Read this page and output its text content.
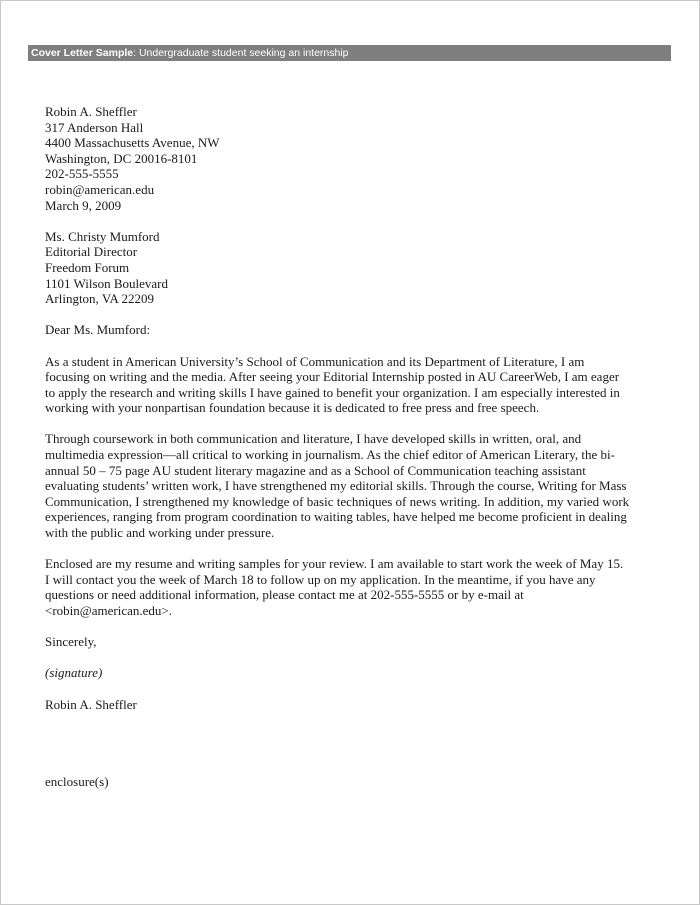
Cover Letter Sample: Undergraduate student seeking an internship
Robin A. Sheffler
317 Anderson Hall
4400 Massachusetts Avenue, NW
Washington, DC 20016-8101
202-555-5555
robin@american.edu
March 9, 2009
Ms. Christy Mumford
Editorial Director
Freedom Forum
1101 Wilson Boulevard
Arlington, VA 22209
Dear Ms. Mumford:
As a student in American University’s School of Communication and its Department of Literature, I am
focusing on writing and the media. After seeing your Editorial Internship posted in AU CareerWeb, I am eager
to apply the research and writing skills I have gained to benefit your organization. I am especially interested in
working with your nonpartisan foundation because it is dedicated to free press and free speech.
Through coursework in both communication and literature, I have developed skills in written, oral, and
multimedia expression—all critical to working in journalism. As the chief editor of American Literary, the bi-
annual 50 – 75 page AU student literary magazine and as a School of Communication teaching assistant
evaluating students’ written work, I have strengthened my editorial skills. Through the course, Writing for Mass
Communication, I strengthened my knowledge of basic techniques of news writing. In addition, my varied work
experiences, ranging from program coordination to waiting tables, have helped me become proficient in dealing
with the public and working under pressure.
Enclosed are my resume and writing samples for your review. I am available to start work the week of May 15.
I will contact you the week of March 18 to follow up on my application. In the meantime, if you have any
questions or need additional information, please contact me at 202-555-5555 or by e-mail at
<robin@american.edu>.
Sincerely,
(signature)
Robin A. Sheffler
enclosure(s)
